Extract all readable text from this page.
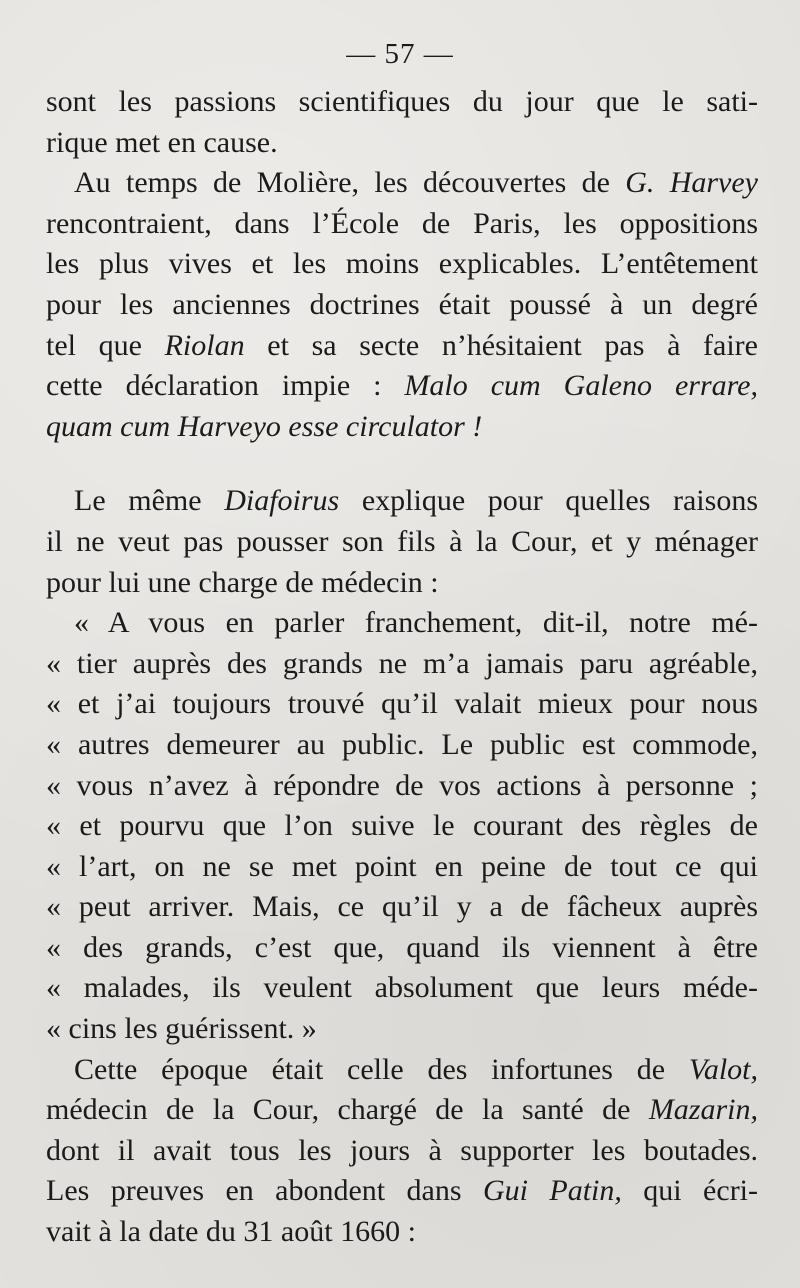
— 57 —
sont les passions scientifiques du jour que le sati-
rique met en cause.
Au temps de Molière, les découvertes de G. Harvey
rencontraient, dans l’École de Paris, les oppositions
les plus vives et les moins explicables. L’entêtement
pour les anciennes doctrines était poussé à un degré
tel que Riolan et sa secte n’hésitaient pas à faire
cette déclaration impie : Malo cum Galeno errare,
quam cum Harveyo esse circulator !
Le même Diafoirus explique pour quelles raisons
il ne veut pas pousser son fils à la Cour, et y ménager
pour lui une charge de médecin :
« A vous en parler franchement, dit-il, notre mé-
« tier auprès des grands ne m’a jamais paru agréable,
« et j’ai toujours trouvé qu’il valait mieux pour nous
« autres demeurer au public. Le public est commode,
« vous n’avez à répondre de vos actions à personne ;
« et pourvu que l’on suive le courant des règles de
« l’art, on ne se met point en peine de tout ce qui
« peut arriver. Mais, ce qu’il y a de fâcheux auprès
« des grands, c’est que, quand ils viennent à être
« malades, ils veulent absolument que leurs méde-
« cins les guérissent. »
Cette époque était celle des infortunes de Valot,
médecin de la Cour, chargé de la santé de Mazarin,
dont il avait tous les jours à supporter les boutades.
Les preuves en abondent dans Gui Patin, qui écri-
vait à la date du 31 août 1660 :
